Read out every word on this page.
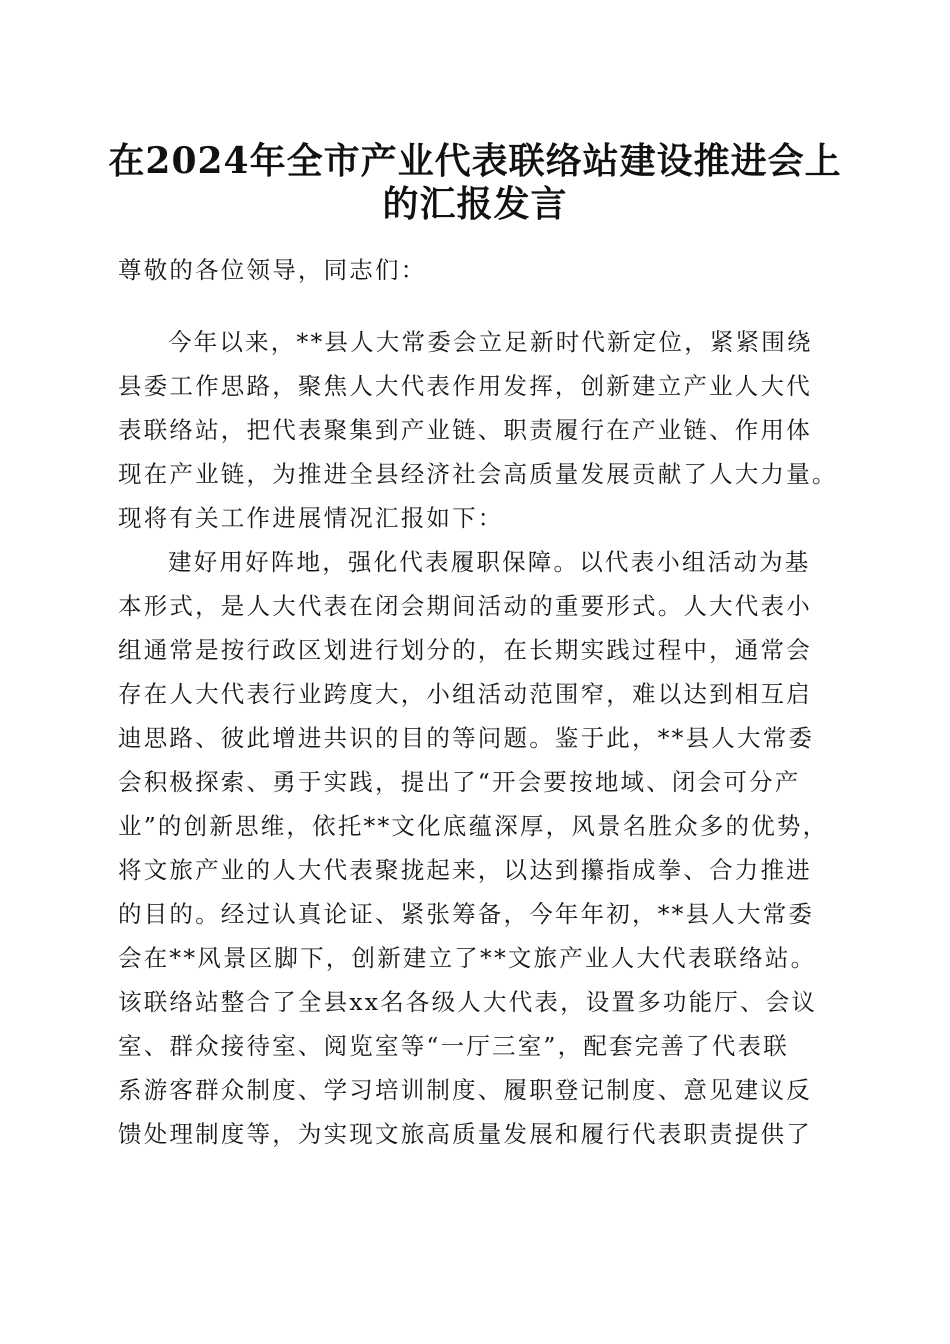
在2024年全市产业代表联络站建设推进会上
的汇报发言

尊敬的各位领导，同志们：

今年以来，**县人大常委会立足新时代新定位，紧紧围绕

县委工作思路，聚焦人大代表作用发挥，创新建立产业人大代

表联络站，把代表聚集到产业链、职责履行在产业链、作用体

现在产业链，为推进全县经济社会高质量发展贡献了人大力量。

现将有关工作进展情况汇报如下：

建好用好阵地，强化代表履职保障。以代表小组活动为基

本形式，是人大代表在闭会期间活动的重要形式。人大代表小

组通常是按行政区划进行划分的，在长期实践过程中，通常会

存在人大代表行业跨度大，小组活动范围窄，难以达到相互启

迪思路、彼此增进共识的目的等问题。鉴于此，**县人大常委

会积极探索、勇于实践，提出了“开会要按地域、闭会可分产

业”的创新思维，依托**文化底蕴深厚，风景名胜众多的优势，

将文旅产业的人大代表聚拢起来，以达到攥指成拳、合力推进

的目的。经过认真论证、紧张筹备，今年年初，**县人大常委

会在**风景区脚下，创新建立了**文旅产业人大代表联络站。

该联络站整合了全县xx名各级人大代表，设置多功能厅、会议

室、群众接待室、阅览室等“一厅三室”，配套完善了代表联

系游客群众制度、学习培训制度、履职登记制度、意见建议反

馈处理制度等，为实现文旅高质量发展和履行代表职责提供了
